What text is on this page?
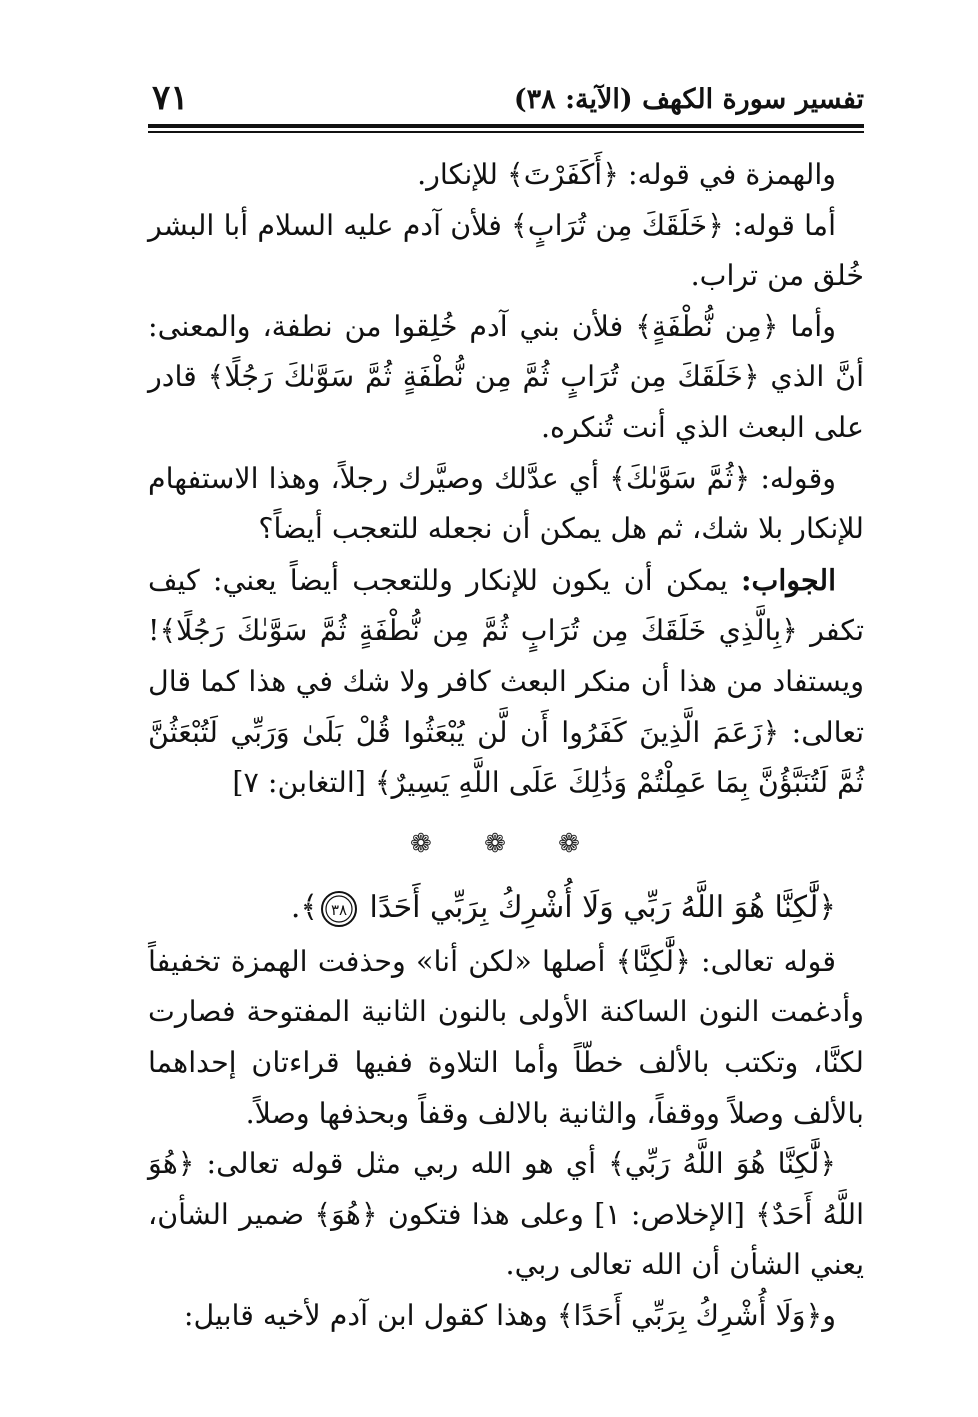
تفسير سورة الكهف (الآية: ٣٨)
٧١

والهمزة في قوله: ﴿أَكَفَرْتَ﴾ للإنكار.

أما قوله: ﴿خَلَقَكَ مِن تُرَابٍ﴾ فلأن آدم عليه السلام أبا البشر خُلق من تراب.

وأما ﴿مِن نُّطْفَةٍ﴾ فلأن بني آدم خُلِقوا من نطفة، والمعنى: أنَّ الذي ﴿خَلَقَكَ مِن تُرَابٍ ثُمَّ مِن نُّطْفَةٍ ثُمَّ سَوَّىٰكَ رَجُلًا﴾ قادر على البعث الذي أنت تُنكره.

وقوله: ﴿ثُمَّ سَوَّىٰكَ﴾ أي عدَّلك وصيَّرك رجلاً، وهذا الاستفهام للإنكار بلا شك، ثم هل يمكن أن نجعله للتعجب أيضاً؟

الجواب: يمكن أن يكون للإنكار وللتعجب أيضاً يعني: كيف تكفر ﴿بِالَّذِي خَلَقَكَ مِن تُرَابٍ ثُمَّ مِن نُّطْفَةٍ ثُمَّ سَوَّىٰكَ رَجُلًا﴾! ويستفاد من هذا أن منكر البعث كافر ولا شك في هذا كما قال تعالى: ﴿زَعَمَ الَّذِينَ كَفَرُوا أَن لَّن يُبْعَثُوا قُلْ بَلَىٰ وَرَبِّي لَتُبْعَثُنَّ ثُمَّ لَتُنَبَّؤُنَّ بِمَا عَمِلْتُمْ وَذَٰلِكَ عَلَى اللَّهِ يَسِيرٌ﴾ [التغابن: ٧]

❁ ❁ ❁

﴿لَّٰكِنَّا هُوَ اللَّهُ رَبِّي وَلَا أُشْرِكُ بِرَبِّي أَحَدًا
٣٨
﴾.

قوله تعالى: ﴿لَّٰكِنَّا﴾ أصلها «لكن أنا» وحذفت الهمزة تخفيفاً وأدغمت النون الساكنة الأولى بالنون الثانية المفتوحة فصارت لكنَّا، وتكتب بالألف خطّاً وأما التلاوة ففيها قراءتان إحداهما بالألف وصلاً ووقفاً، والثانية بالالف وقفاً وبحذفها وصلاً.

﴿لَّٰكِنَّا هُوَ اللَّهُ رَبِّي﴾ أي هو الله ربي مثل قوله تعالى: ﴿هُوَ اللَّهُ أَحَدٌ﴾ [الإخلاص: ١] وعلى هذا فتكون ﴿هُوَ﴾ ضمير الشأن، يعني الشأن أن الله تعالى ربي.

و﴿وَلَا أُشْرِكُ بِرَبِّي أَحَدًا﴾ وهذا كقول ابن آدم لأخيه قابيل:
